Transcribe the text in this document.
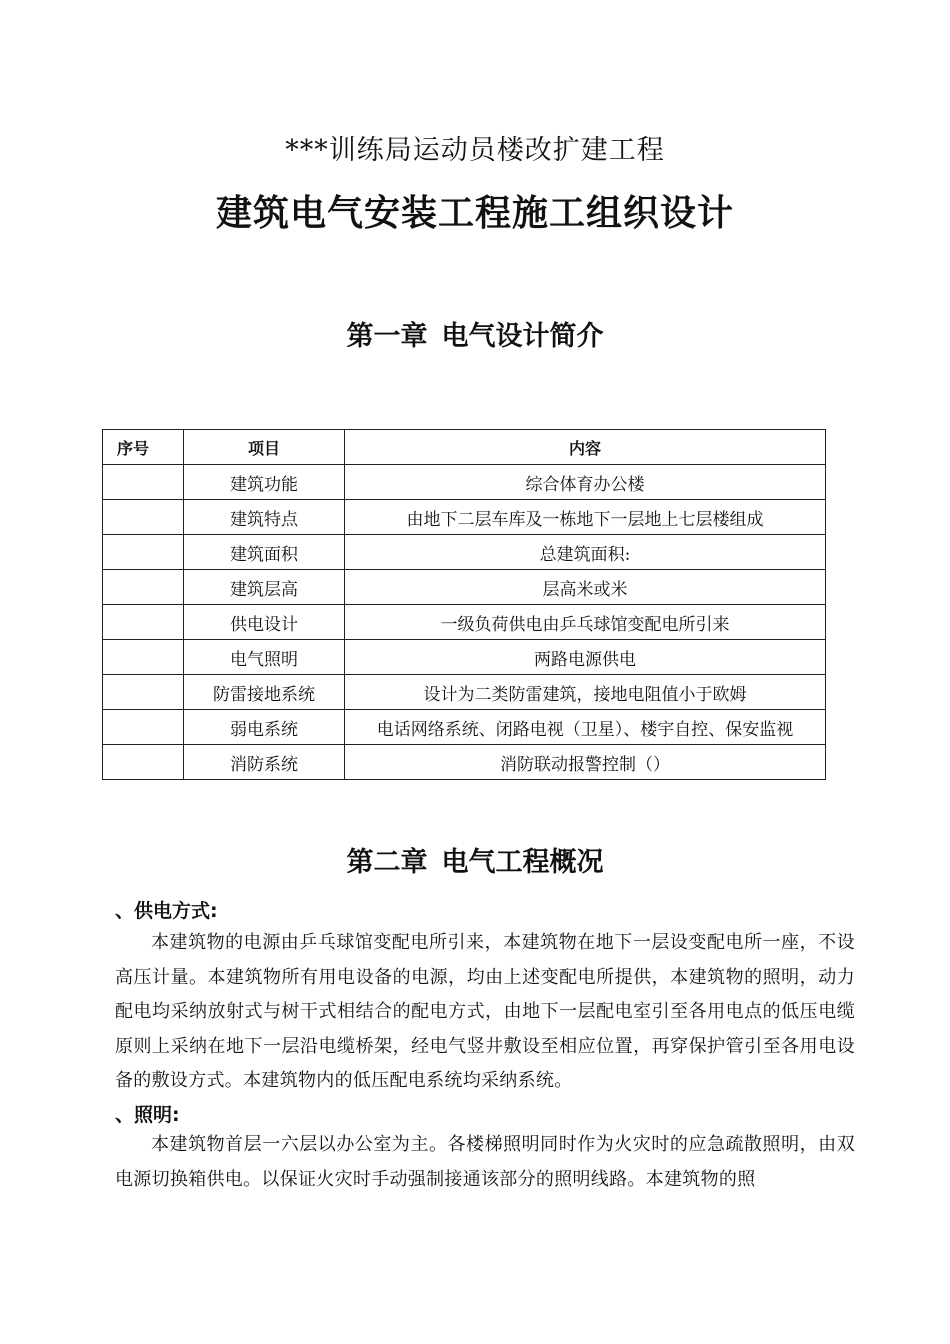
***训练局运动员楼改扩建工程
建筑电气安装工程施工组织设计
第一章 电气设计简介
序号	项目	内容
	建筑功能	综合体育办公楼
	建筑特点	由地下二层车库及一栋地下一层地上七层楼组成
	建筑面积	总建筑面积:
	建筑层高	层高米或米
	供电设计	一级负荷供电由乒乓球馆变配电所引来
	电气照明	两路电源供电
	防雷接地系统	设计为二类防雷建筑，接地电阻值小于欧姆
	弱电系统	电话网络系统、闭路电视（卫星）、楼宇自控、保安监视
	消防系统	消防联动报警控制（）
第二章 电气工程概况
、供电方式:
本建筑物的电源由乒乓球馆变配电所引来，本建筑物在地下一层设变配电所一座，不设高压计量。本建筑物所有用电设备的电源，均由上述变配电所提供，本建筑物的照明，动力配电均采纳放射式与树干式相结合的配电方式，由地下一层配电室引至各用电点的低压电缆原则上采纳在地下一层沿电缆桥架，经电气竖井敷设至相应位置，再穿保护管引至各用电设备的敷设方式。本建筑物内的低压配电系统均采纳系统。
、照明:
本建筑物首层一六层以办公室为主。各楼梯照明同时作为火灾时的应急疏散照明，由双电源切换箱供电。以保证火灾时手动强制接通该部分的照明线路。本建筑物的照
